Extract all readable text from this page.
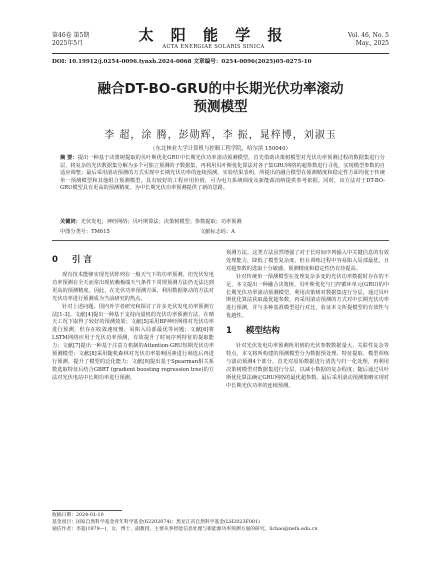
第46卷 第5期
2025年5月	太 阳 能 学 报
ACTA ENERGIAE SOLARIS SINICA
Vol. 46, No. 5
May., 2025
DOI: 10.19912/j.0254-0096.tynxb.2024-0068 文章编号：0254-0096(2025)05-0275-10
融合DT-BO-GRU的中长期光伏功率滚动
预测模型
李 超，涂 腾，彭勋辉，李 振，晁梓博，刘淑玉
（东北林业大学计算机与控制工程学院，哈尔滨 150040）
摘 要：提出一种基于决策树提取的贝叶斯优化GRU中长期光伏功率滚动预测模型。首先借助决策树模型对光伏功率预测过程的数据集进行分层，将复杂的光伏数据集分解为多个可独立预测的子数据集，再利用贝叶斯优化算法对各子集GRU网络的超参数进行寻优，实现模型参数的自适应调整；最后采用滚动预测的方式实现中长期光伏功率的连续预测。实验结果表明，所提出的融合模型在预测精度和稳定性方面均优于传统单一预测模型和其他组合预测模型，具有较好的工程应用价值，可为电力系统调度及新能源消纳提供参考依据。同时，该方法对于DT-BO-GRU模型具有更高的预测精度，为中长期光伏功率预测提供了新的思路。
关键词：光伏发电；神经网络；贝叶斯算法；决策树模型；参数提取；功率预测
中图分类号：TM615	文献标志码：A
0 引 言

现有技术能够实现光伏阵列在一般天气下的功率预测，但光伏发电功率预测在全天而常出现依赖极端天气条件下常规预测方法仍无法达到更高的预测精度。因此，在光伏功率预测方面，利用数据驱动的方法对光伏功率进行预测成为当前研究的热点。

针对上述问题，国内外学者研究和探讨了许多光伏发电功率预测方法[1-3]。文献[4]提出一种基于支持向量机的光伏功率预测方法，在晴天工况下取得了较好的预测效果；文献[5]采用BP神经网络对光伏功率进行预测，但存在收敛速度慢、易陷入局部最优等问题；文献[6]将LSTM网络应用于光伏功率预测，有效提升了时间序列特征的提取能力；文献[7]提出一种基于注意力机制的Attention-GRU短期光伏功率预测模型；文献[8]采用随机森林对光伏功率影响因素进行筛选后再进行预测，提升了模型的泛化能力；文献[9]提出基于Spearman相关系数选取特征后结合GBRT (gradient boosting regression tree)的方法对光伏电站中长期功率进行预测。

预测方法。这类方法虽然增强了对于长时间序列输入中关键信息的有效处理能力，降低了模型复杂度，但在训练过程中容易陷入局部最优，且对超参数的选取十分敏感，预测精度和稳定性仍有待提高。

针对传统单一预测模型在处理复杂多变的光伏功率数据时存在的不足，本文提出一种融合决策树、贝叶斯优化与门控循环单元(GRU)的中长期光伏功率滚动预测模型。利用决策树对数据集进行分层，通过贝叶斯优化算法获取最优超参数，再采用滚动预测的方式对中长期光伏功率进行预测，并与多种基准模型进行对比，验证本文所提模型的有效性与优越性。

1 模型结构

针对光伏发电功率预测所用到的光伏参数数据量大、关联性复杂等特点，本文将所构建的预测模型分为数据预处理、特征提取、模型训练与滚动预测4个部分。首先对原始数据进行清洗与归一化处理，再利用决策树模型对数据集进行分层，以减小数据的复杂程度；随后通过贝叶斯优化算法确定GRU网络的最优超参数，最后采用滚动预测策略实现对中长期光伏功率的连续预测。

收稿日期：2024-01-10
基金项目：国家自然科学基金青年科学基金(62202074)；黑龙江省自然科学基金(LH2023F001)
通信作者：李超(1979—)，女，博士、副教授，主要从事智能信息处理与新能源功率预测方面的研究。lichao@nefu.edu.cn
